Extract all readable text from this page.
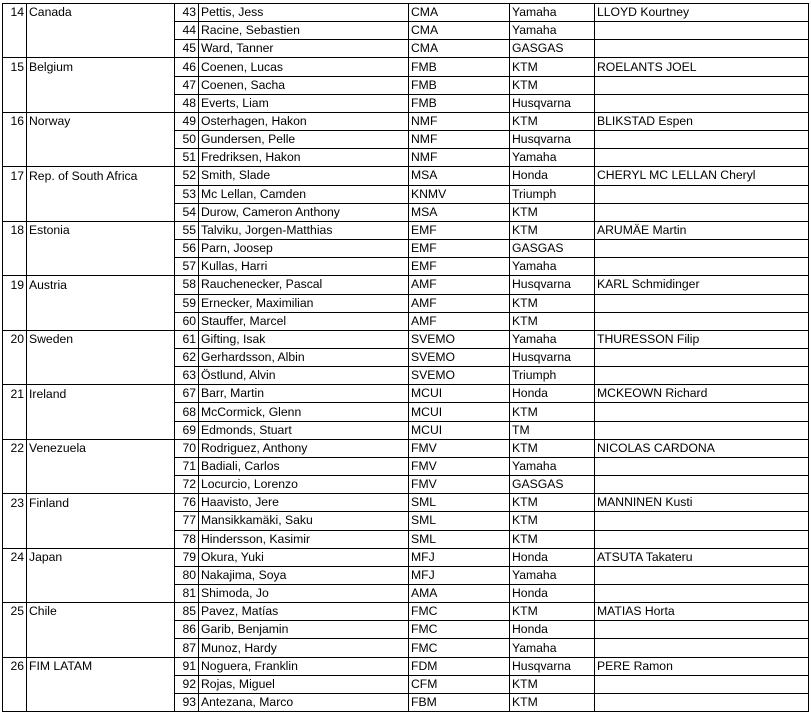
14	Canada	43	Pettis, Jess	CMA	Yamaha	LLOYD Kourtney
		44	Racine, Sebastien	CMA	Yamaha	
		45	Ward, Tanner	CMA	GASGAS	
15	Belgium	46	Coenen, Lucas	FMB	KTM	ROELANTS JOEL
		47	Coenen, Sacha	FMB	KTM	
		48	Everts, Liam	FMB	Husqvarna	
16	Norway	49	Osterhagen, Hakon	NMF	KTM	BLIKSTAD Espen
		50	Gundersen, Pelle	NMF	Husqvarna	
		51	Fredriksen, Hakon	NMF	Yamaha	
17	Rep. of South Africa	52	Smith, Slade	MSA	Honda	CHERYL MC LELLAN Cheryl
		53	Mc Lellan, Camden	KNMV	Triumph	
		54	Durow, Cameron Anthony	MSA	KTM	
18	Estonia	55	Talviku, Jorgen-Matthias	EMF	KTM	ARUMÄE Martin
		56	Parn, Joosep	EMF	GASGAS	
		57	Kullas, Harri	EMF	Yamaha	
19	Austria	58	Rauchenecker, Pascal	AMF	Husqvarna	KARL Schmidinger
		59	Ernecker, Maximilian	AMF	KTM	
		60	Stauffer, Marcel	AMF	KTM	
20	Sweden	61	Gifting, Isak	SVEMO	Yamaha	THURESSON Filip
		62	Gerhardsson, Albin	SVEMO	Husqvarna	
		63	Östlund, Alvin	SVEMO	Triumph	
21	Ireland	67	Barr, Martin	MCUI	Honda	MCKEOWN Richard
		68	McCormick, Glenn	MCUI	KTM	
		69	Edmonds, Stuart	MCUI	TM	
22	Venezuela	70	Rodriguez, Anthony	FMV	KTM	NICOLAS CARDONA
		71	Badiali, Carlos	FMV	Yamaha	
		72	Locurcio, Lorenzo	FMV	GASGAS	
23	Finland	76	Haavisto, Jere	SML	KTM	MANNINEN Kusti
		77	Mansikkamäki, Saku	SML	KTM	
		78	Hindersson, Kasimir	SML	KTM	
24	Japan	79	Okura, Yuki	MFJ	Honda	ATSUTA Takateru
		80	Nakajima, Soya	MFJ	Yamaha	
		81	Shimoda, Jo	AMA	Honda	
25	Chile	85	Pavez, Matías	FMC	KTM	MATIAS Horta
		86	Garib, Benjamin	FMC	Honda	
		87	Munoz, Hardy	FMC	Yamaha	
26	FIM LATAM	91	Noguera, Franklin	FDM	Husqvarna	PERE Ramon
		92	Rojas, Miguel	CFM	KTM	
		93	Antezana, Marco	FBM	KTM	
